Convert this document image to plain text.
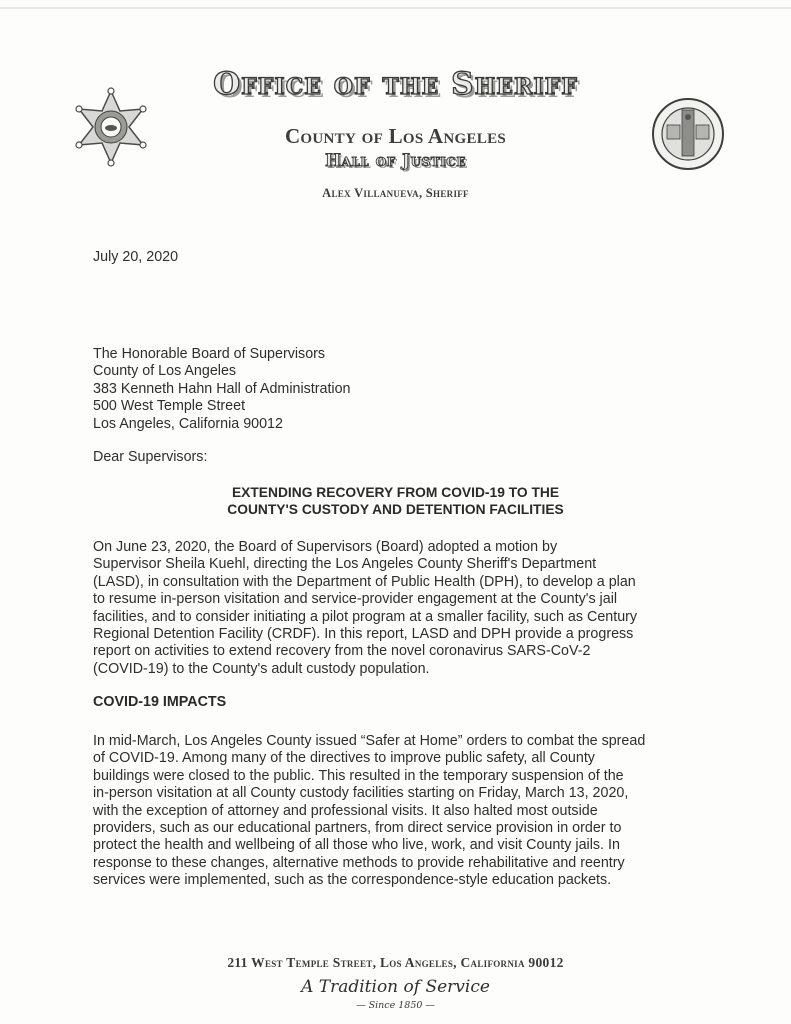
Office of the Sheriff
County of Los Angeles
Hall of Justice
Alex Villanueva, Sheriff
July 20, 2020
The Honorable Board of Supervisors
County of Los Angeles
383 Kenneth Hahn Hall of Administration
500 West Temple Street
Los Angeles, California 90012
Dear Supervisors:
EXTENDING RECOVERY FROM COVID-19 TO THE
COUNTY'S CUSTODY AND DETENTION FACILITIES
On June 23, 2020, the Board of Supervisors (Board) adopted a motion by
Supervisor Sheila Kuehl, directing the Los Angeles County Sheriff's Department
(LASD), in consultation with the Department of Public Health (DPH), to develop a plan
to resume in-person visitation and service-provider engagement at the County's jail
facilities, and to consider initiating a pilot program at a smaller facility, such as Century
Regional Detention Facility (CRDF). In this report, LASD and DPH provide a progress
report on activities to extend recovery from the novel coronavirus SARS-CoV-2
(COVID-19) to the County's adult custody population.
COVID-19 IMPACTS
In mid-March, Los Angeles County issued “Safer at Home” orders to combat the spread
of COVID-19. Among many of the directives to improve public safety, all County
buildings were closed to the public. This resulted in the temporary suspension of the
in-person visitation at all County custody facilities starting on Friday, March 13, 2020,
with the exception of attorney and professional visits. It also halted most outside
providers, such as our educational partners, from direct service provision in order to
protect the health and wellbeing of all those who live, work, and visit County jails. In
response to these changes, alternative methods to provide rehabilitative and reentry
services were implemented, such as the correspondence-style education packets.
211 West Temple Street, Los Angeles, California 90012
A Tradition of Service
— Since 1850 —
